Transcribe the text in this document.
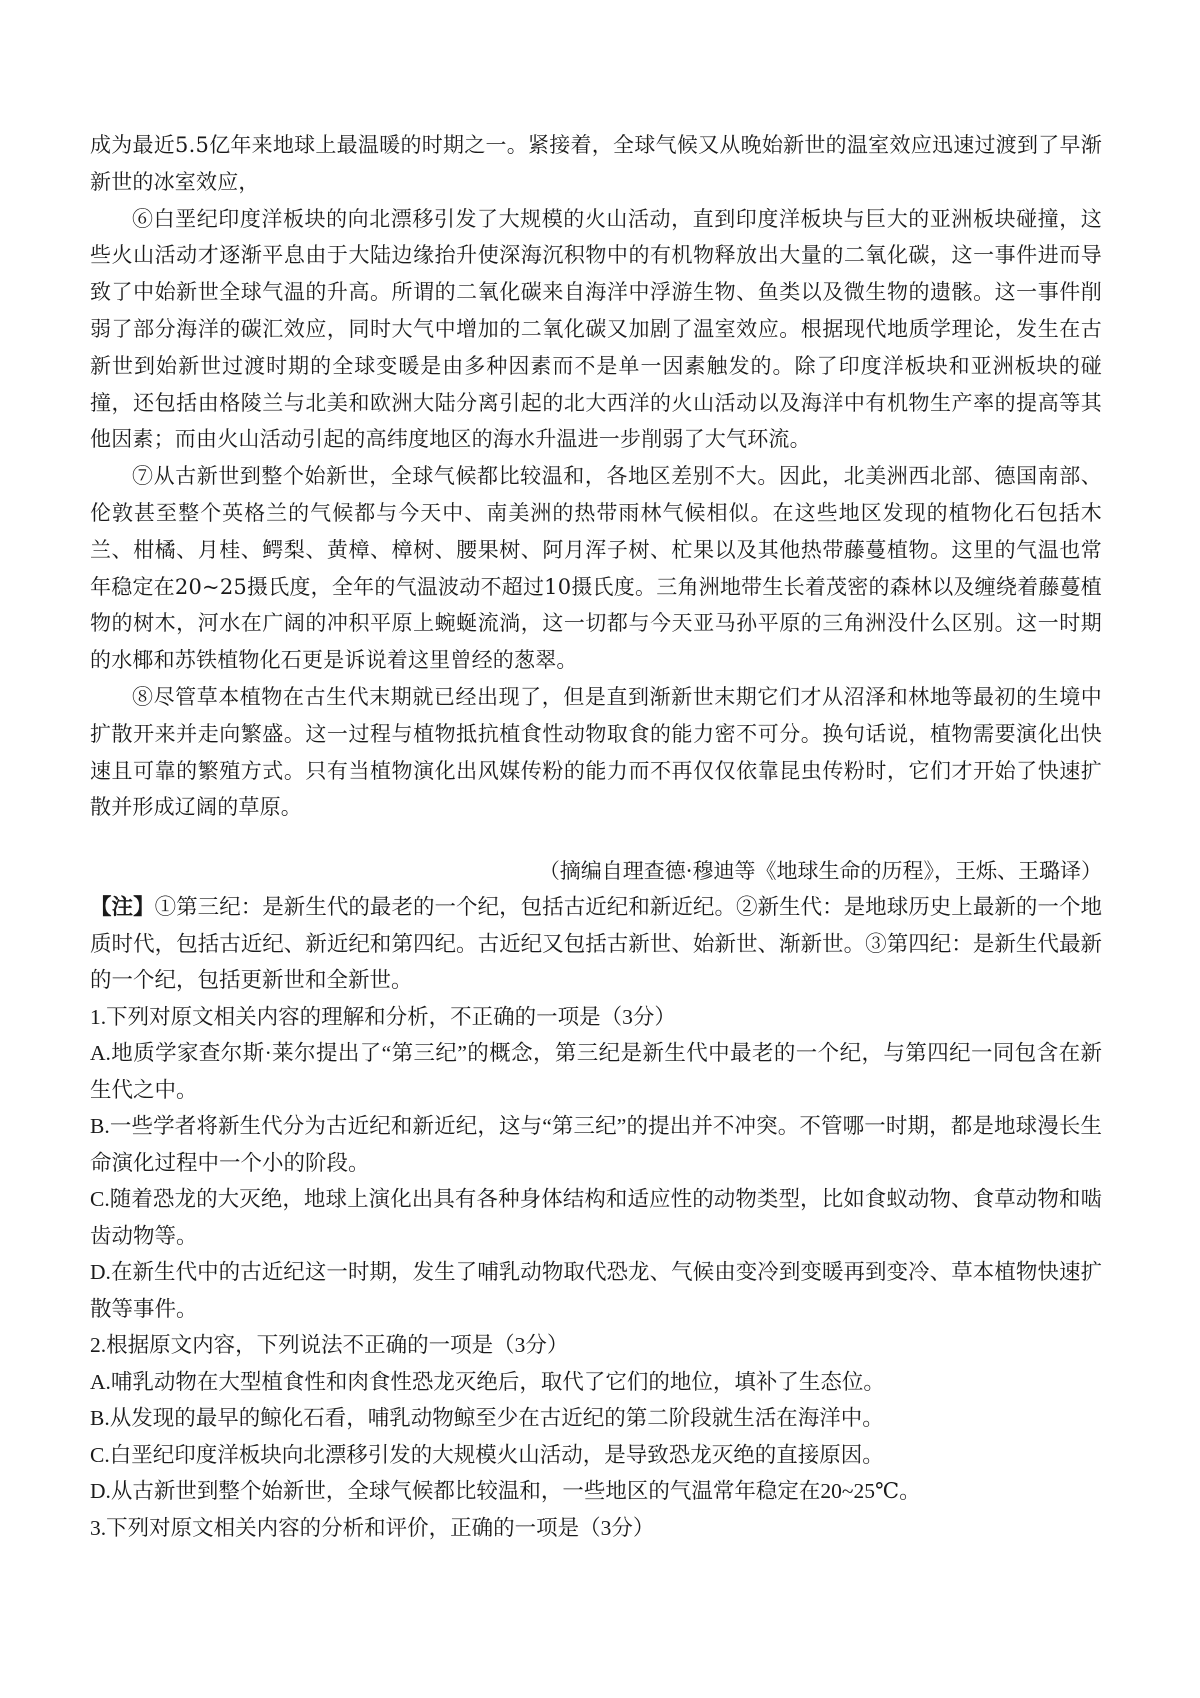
成为最近5.5亿年来地球上最温暖的时期之一。紧接着，全球气候又从晚始新世的温室效应迅速过渡到了早渐新世的冰室效应，

⑥白垩纪印度洋板块的向北漂移引发了大规模的火山活动，直到印度洋板块与巨大的亚洲板块碰撞，这些火山活动才逐渐平息由于大陆边缘抬升使深海沉积物中的有机物释放出大量的二氧化碳，这一事件进而导致了中始新世全球气温的升高。所谓的二氧化碳来自海洋中浮游生物、鱼类以及微生物的遗骸。这一事件削弱了部分海洋的碳汇效应，同时大气中增加的二氧化碳又加剧了温室效应。根据现代地质学理论，发生在古新世到始新世过渡时期的全球变暖是由多种因素而不是单一因素触发的。除了印度洋板块和亚洲板块的碰撞，还包括由格陵兰与北美和欧洲大陆分离引起的北大西洋的火山活动以及海洋中有机物生产率的提高等其他因素；而由火山活动引起的高纬度地区的海水升温进一步削弱了大气环流。

⑦从古新世到整个始新世，全球气候都比较温和，各地区差别不大。因此，北美洲西北部、德国南部、伦敦甚至整个英格兰的气候都与今天中、南美洲的热带雨林气候相似。在这些地区发现的植物化石包括木兰、柑橘、月桂、鳄梨、黄樟、樟树、腰果树、阿月浑子树、杧果以及其他热带藤蔓植物。这里的气温也常年稳定在20~25摄氏度，全年的气温波动不超过10摄氏度。三角洲地带生长着茂密的森林以及缠绕着藤蔓植物的树木，河水在广阔的冲积平原上蜿蜒流淌，这一切都与今天亚马孙平原的三角洲没什么区别。这一时期的水椰和苏铁植物化石更是诉说着这里曾经的葱翠。

⑧尽管草本植物在古生代末期就已经出现了，但是直到渐新世末期它们才从沼泽和林地等最初的生境中扩散开来并走向繁盛。这一过程与植物抵抗植食性动物取食的能力密不可分。换句话说，植物需要演化出快速且可靠的繁殖方式。只有当植物演化出风媒传粉的能力而不再仅仅依靠昆虫传粉时，它们才开始了快速扩散并形成辽阔的草原。

（摘编自理查德·穆迪等《地球生命的历程》，王烁、王璐译）

【注】①第三纪：是新生代的最老的一个纪，包括古近纪和新近纪。②新生代：是地球历史上最新的一个地质时代，包括古近纪、新近纪和第四纪。古近纪又包括古新世、始新世、渐新世。③第四纪：是新生代最新的一个纪，包括更新世和全新世。

1.下列对原文相关内容的理解和分析，不正确的一项是（3分）

A.地质学家查尔斯·莱尔提出了“第三纪”的概念，第三纪是新生代中最老的一个纪，与第四纪一同包含在新生代之中。

B.一些学者将新生代分为古近纪和新近纪，这与“第三纪”的提出并不冲突。不管哪一时期，都是地球漫长生命演化过程中一个小的阶段。

C.随着恐龙的大灭绝，地球上演化出具有各种身体结构和适应性的动物类型，比如食蚁动物、食草动物和啮齿动物等。

D.在新生代中的古近纪这一时期，发生了哺乳动物取代恐龙、气候由变冷到变暖再到变冷、草本植物快速扩散等事件。

2.根据原文内容，下列说法不正确的一项是（3分）

A.哺乳动物在大型植食性和肉食性恐龙灭绝后，取代了它们的地位，填补了生态位。

B.从发现的最早的鲸化石看，哺乳动物鲸至少在古近纪的第二阶段就生活在海洋中。

C.白垩纪印度洋板块向北漂移引发的大规模火山活动，是导致恐龙灭绝的直接原因。

D.从古新世到整个始新世，全球气候都比较温和，一些地区的气温常年稳定在20~25℃。

3.下列对原文相关内容的分析和评价，正确的一项是（3分）
